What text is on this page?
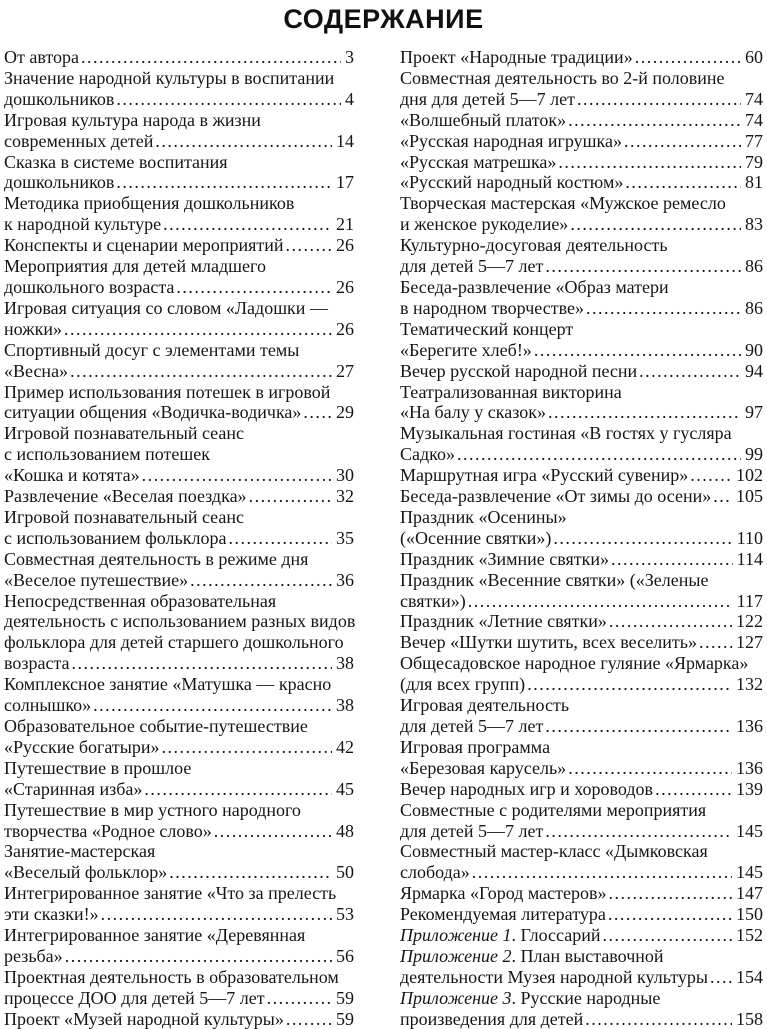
СОДЕРЖАНИЕ
От автора .....	3
Значение народной культуры в воспитании
дошкольников .....	4
Игровая культура народа в жизни
современных детей .....	14
Сказка в системе воспитания
дошкольников .....	17
Методика приобщения дошкольников
к народной культуре .....	21
Конспекты и сценарии мероприятий .....	26
Мероприятия для детей младшего
дошкольного возраста .....	26
Игровая ситуация со словом «Ладошки —
ножки» .....	26
Спортивный досуг с элементами темы
«Весна» .....	27
Пример использования потешек в игровой
ситуации общения «Водичка-водичка» ..... 29
Игровой познавательный сеанс
с использованием потешек
«Кошка и котята» .....	30
Развлечение «Веселая поездка» .....	32
Игровой познавательный сеанс
с использованием фольклора .....	35
Совместная деятельность в режиме дня
«Веселое путешествие» .....	36
Непосредственная образовательная
деятельность с использованием разных видов
фольклора для детей старшего дошкольного
возраста .....	38
Комплексное занятие «Матушка — красно
солнышко» .....	38
Образовательное событие-путешествие
«Русские богатыри» .....	42
Путешествие в прошлое
«Старинная изба» .....	45
Путешествие в мир устного народного
творчества «Родное слово» .....	48
Занятие-мастерская
«Веселый фольклор» .....	50
Интегрированное занятие «Что за прелесть
эти сказки!» .....	53
Интегрированное занятие «Деревянная
резьба» .....	56
Проектная деятельность в образовательном
процессе ДОО для детей 5—7 лет .....	59
Проект «Музей народной культуры» .....	59
Проект «Народные традиции» .....	60
Совместная деятельность во 2-й половине
дня для детей 5—7 лет .....	74
«Волшебный платок» .....	74
«Русская народная игрушка» .....	77
«Русская матрешка» .....	79
«Русский народный костюм» .....	81
Творческая мастерская «Мужское ремесло
и женское рукоделие» .....	83
Культурно-досуговая деятельность
для детей 5—7 лет .....	86
Беседа-развлечение «Образ матери
в народном творчестве» .....	86
Тематический концерт
«Берегите хлеб!» .....	90
Вечер русской народной песни .....	94
Театрализованная викторина
«На балу у сказок» .....	97
Музыкальная гостиная «В гостях у гусляра
Садко» .....	99
Маршрутная игра «Русский сувенир» .....	102
Беседа-развлечение «От зимы до осени» ..... 105
Праздник «Осенины»
(«Осенние святки») .....	110
Праздник «Зимние святки» .....	114
Праздник «Весенние святки» («Зеленые
святки») .....	117
Праздник «Летние святки» .....	122
Вечер «Шутки шутить, всех веселить» ..... 127
Общесадовское народное гуляние «Ярмарка»
(для всех групп) .....	132
Игровая деятельность
для детей 5—7 лет .....	136
Игровая программа
«Березовая карусель» .....	136
Вечер народных игр и хороводов .....	139
Совместные с родителями мероприятия
для детей 5—7 лет .....	145
Совместный мастер-класс «Дымковская
слобода» .....	145
Ярмарка «Город мастеров» .....	147
Рекомендуемая литература .....	150
Приложение 1. Глоссарий .....	152
Приложение 2. План выставочной
деятельности Музея народной культуры ..... 154
Приложение 3. Русские народные
произведения для детей .....	158
